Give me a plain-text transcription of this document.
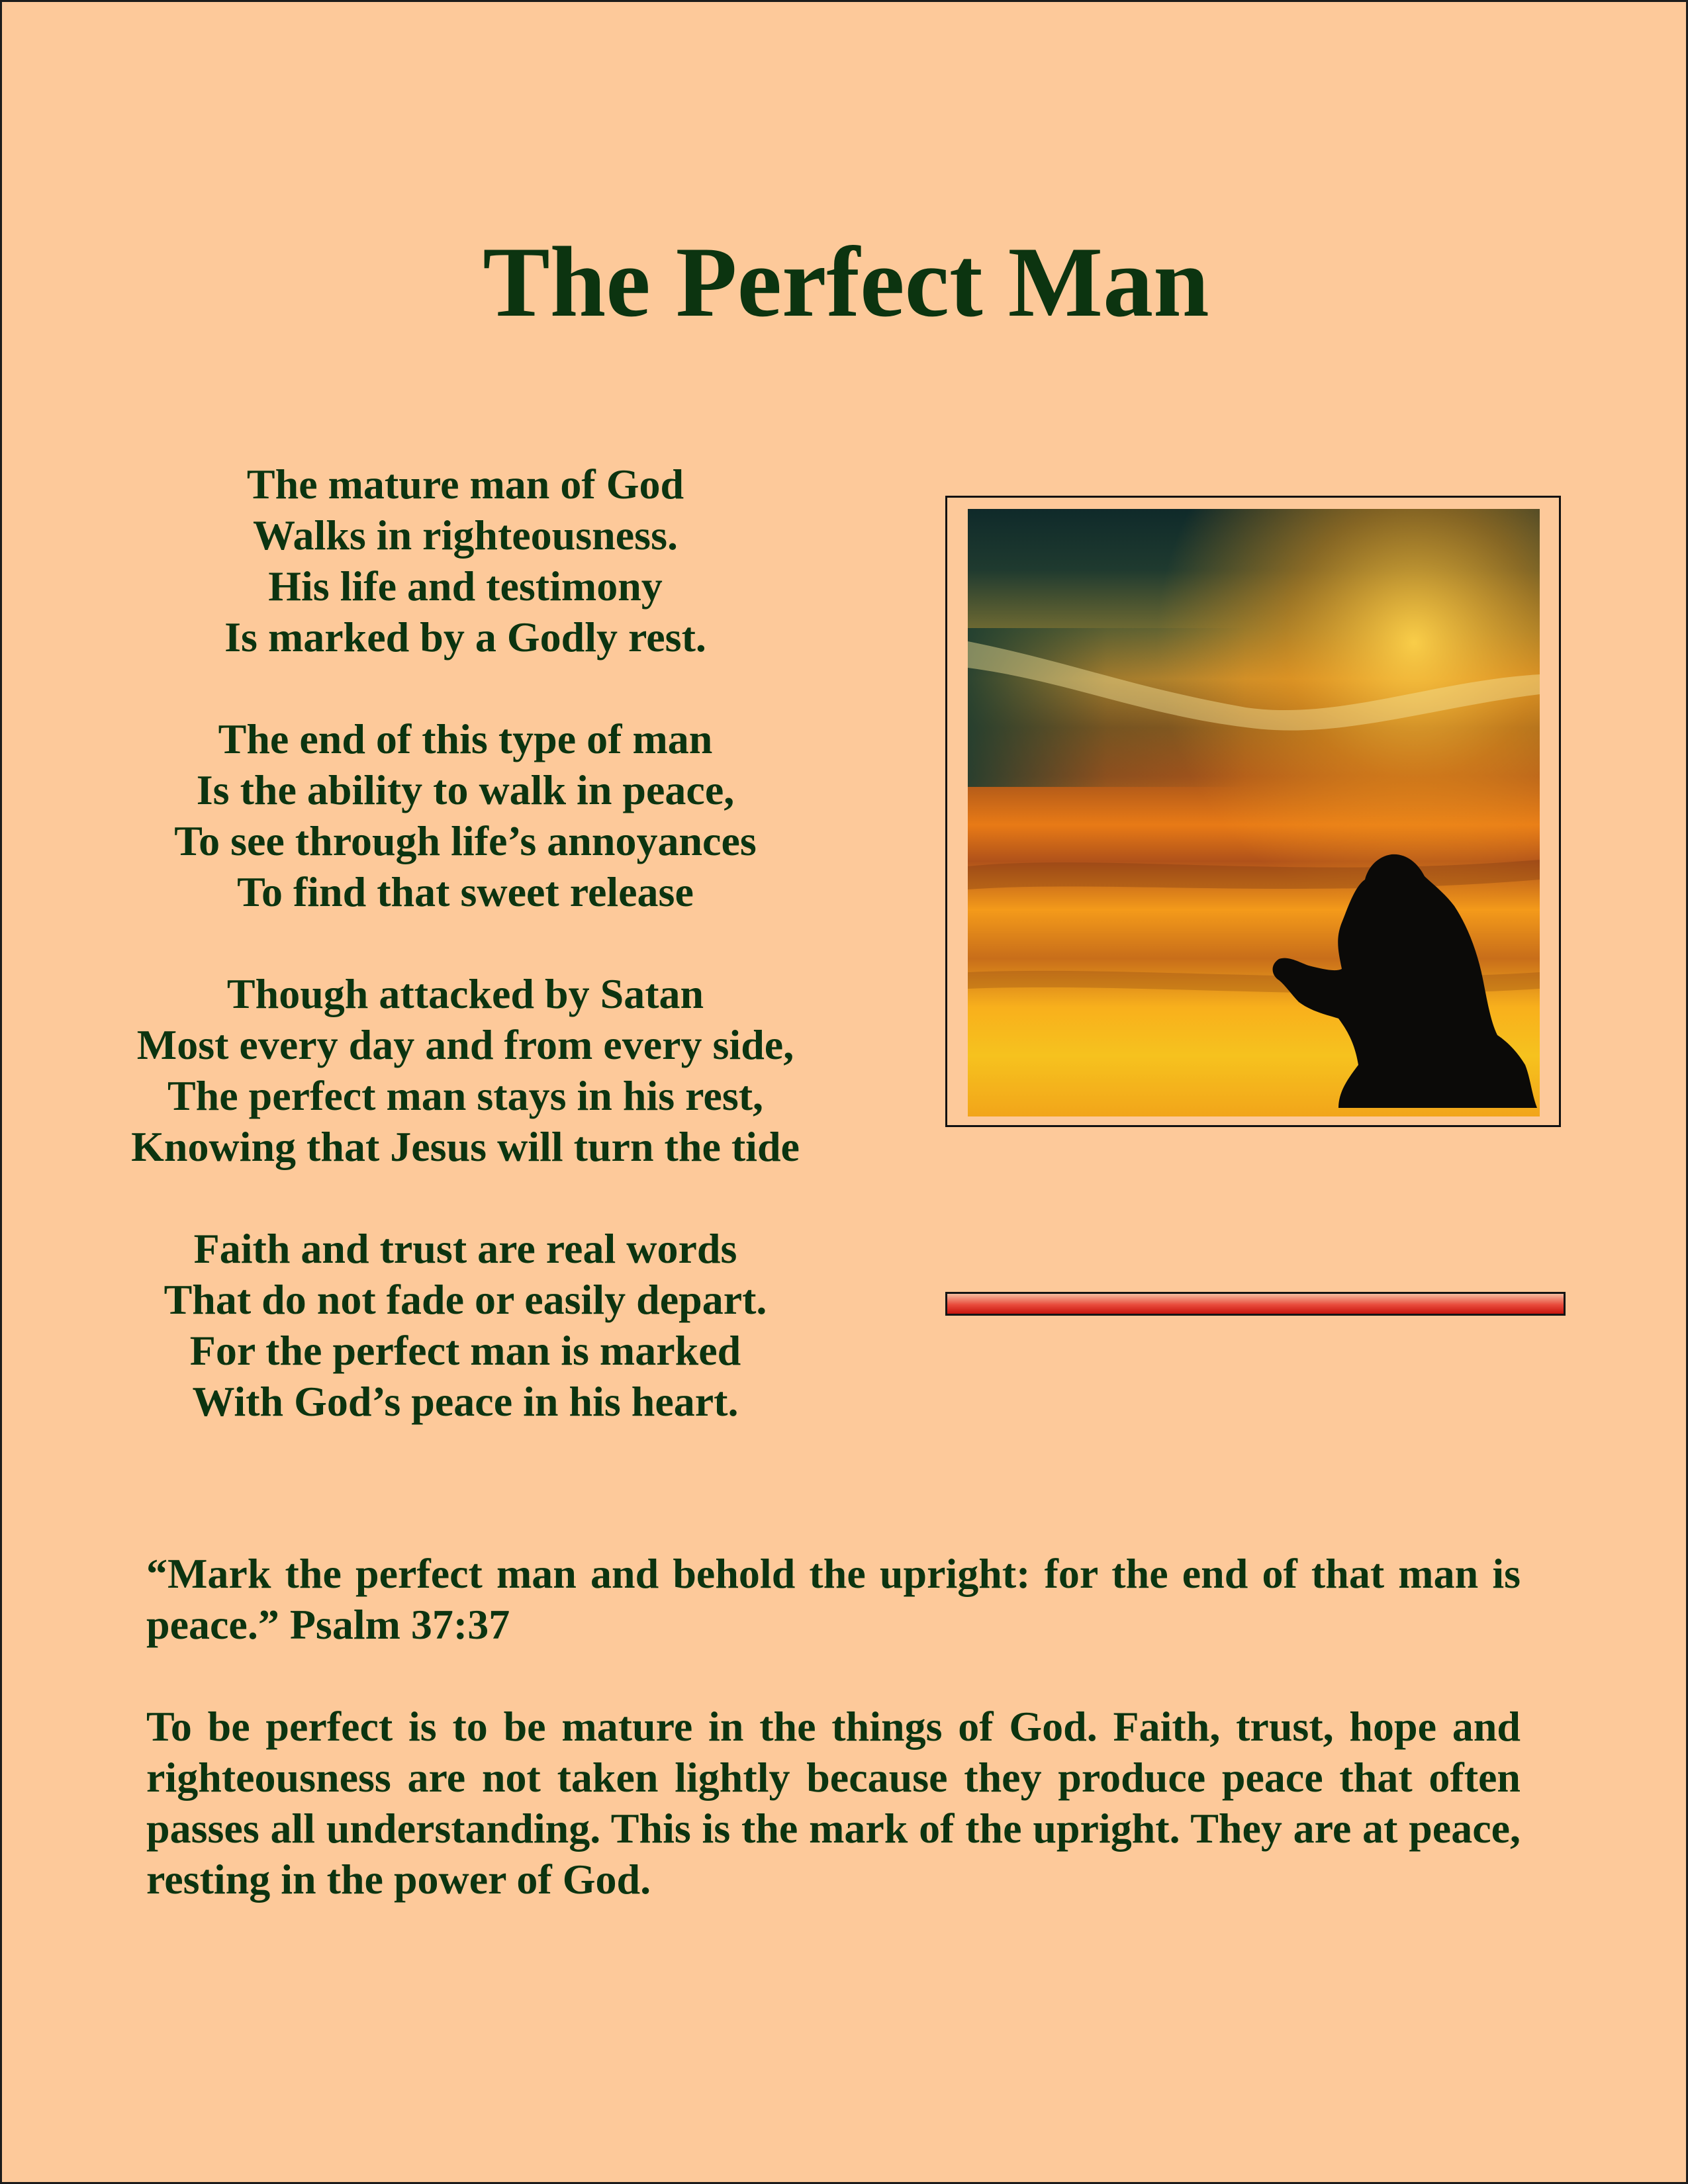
The Perfect Man
The mature man of God
Walks in righteousness.
His life and testimony
Is marked by a Godly rest.
The end of this type of man
Is the ability to walk in peace,
To see through life’s annoyances
To find that sweet release
Though attacked by Satan
Most every day and from every side,
The perfect man stays in his rest,
Knowing that Jesus will turn the tide
Faith and trust are real words
That do not fade or easily depart.
For the perfect man is marked
With God’s peace in his heart.

“Mark the perfect man and behold the upright: for the end of that man is peace.” Psalm 37:37

To be perfect is to be mature in the things of God. Faith, trust, hope and righteousness are not taken lightly because they produce peace that often passes all understanding. This is the mark of the upright. They are at peace, resting in the power of God.
